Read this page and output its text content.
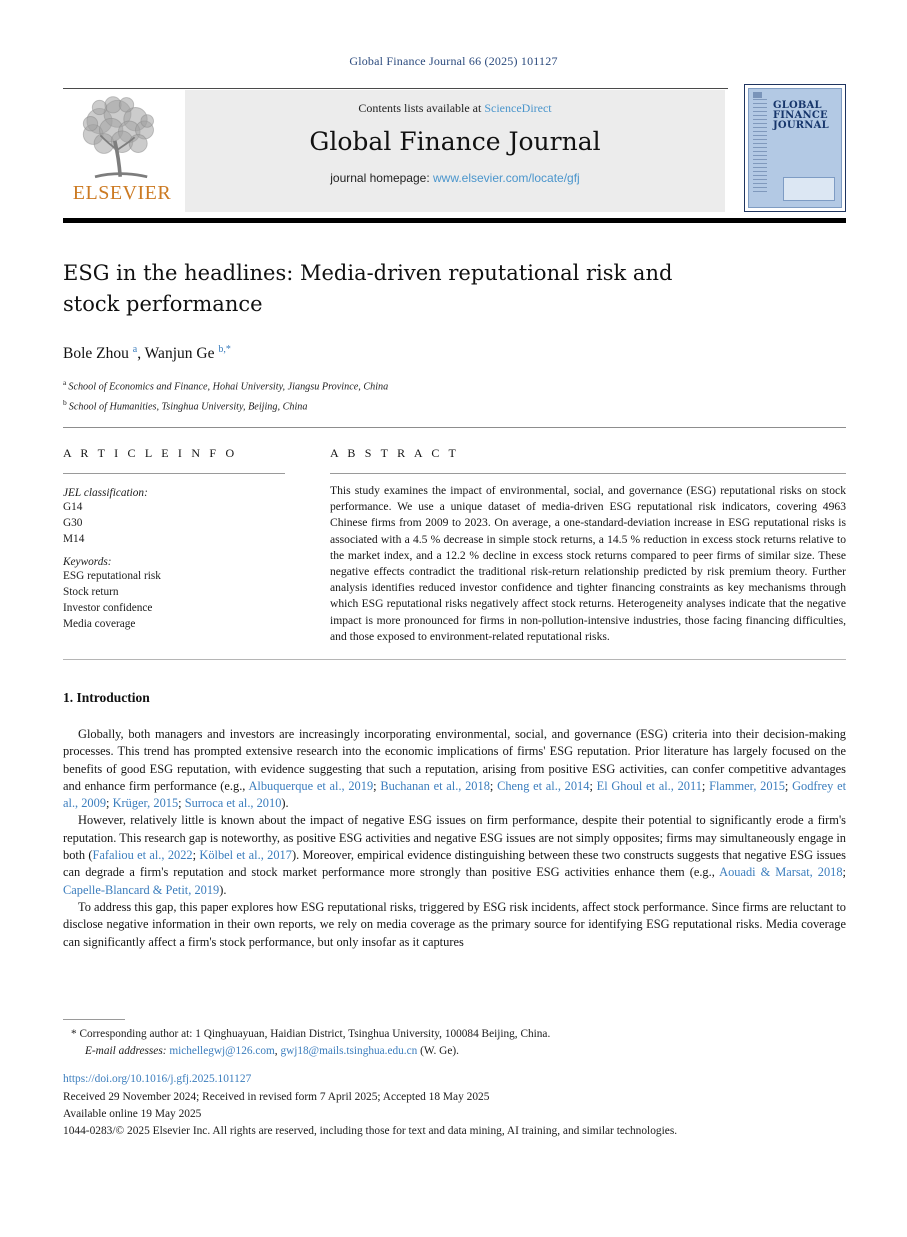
Global Finance Journal 66 (2025) 101127
ELSEVIER
Contents lists available at ScienceDirect
Global Finance Journal
journal homepage: www.elsevier.com/locate/gfj
GLOBAL FINANCE JOURNAL
ESG in the headlines: Media-driven reputational risk and stock performance
Bole Zhou $^a$, Wanjun Ge $^{b,*}$
$^a$ School of Economics and Finance, Hohai University, Jiangsu Province, China
$^b$ School of Humanities, Tsinghua University, Beijing, China
A R T I C L E I N F O
JEL classification:
G14
G30
M14
Keywords:
ESG reputational risk
Stock return
Investor confidence
Media coverage
A B S T R A C T
This study examines the impact of environmental, social, and governance (ESG) reputational risks on stock performance. We use a unique dataset of media-driven ESG reputational risk indicators, covering 4963 Chinese firms from 2009 to 2023. On average, a one-standard-deviation increase in ESG reputational risks is associated with a 4.5 % decrease in simple stock returns, a 14.5 % reduction in excess stock returns relative to the market index, and a 12.2 % decline in excess stock returns compared to peer firms of similar size. These negative effects contradict the traditional risk-return relationship predicted by risk premium theory. Further analysis identifies reduced investor confidence and tighter financing constraints as key mechanisms through which ESG reputational risks negatively affect stock returns. Heterogeneity analyses indicate that the negative impact is more pronounced for firms in non-pollution-intensive industries, those facing financing difficulties, and those exposed to environment-related reputational risks.
1. Introduction

Globally, both managers and investors are increasingly incorporating environmental, social, and governance (ESG) criteria into their decision-making processes. This trend has prompted extensive research into the economic implications of firms' ESG reputation. Prior literature has largely focused on the benefits of good ESG reputation, with evidence suggesting that such a reputation, arising from positive ESG activities, can confer competitive advantages and enhance firm performance (e.g., Albuquerque et al., 2019; Buchanan et al., 2018; Cheng et al., 2014; El Ghoul et al., 2011; Flammer, 2015; Godfrey et al., 2009; Krüger, 2015; Surroca et al., 2010).

However, relatively little is known about the impact of negative ESG issues on firm performance, despite their potential to significantly erode a firm's reputation. This research gap is noteworthy, as positive ESG activities and negative ESG issues are not simply opposites; firms may simultaneously engage in both (Fafaliou et al., 2022; Kölbel et al., 2017). Moreover, empirical evidence distinguishing between these two constructs suggests that negative ESG issues can degrade a firm's reputation and stock market performance more strongly than positive ESG activities enhance them (e.g., Aouadi & Marsat, 2018; Capelle-Blancard & Petit, 2019).

To address this gap, this paper explores how ESG reputational risks, triggered by ESG risk incidents, affect stock performance. Since firms are reluctant to disclose negative information in their own reports, we rely on media coverage as the primary source for identifying ESG reputational risks. Media coverage can significantly affect a firm's stock performance, but only insofar as it captures

* Corresponding author at: 1 Qinghuayuan, Haidian District, Tsinghua University, 100084 Beijing, China.
E-mail addresses: michellegwj@126.com, gwj18@mails.tsinghua.edu.cn (W. Ge).
https://doi.org/10.1016/j.gfj.2025.101127
Received 29 November 2024; Received in revised form 7 April 2025; Accepted 18 May 2025
Available online 19 May 2025
1044-0283/© 2025 Elsevier Inc. All rights are reserved, including those for text and data mining, AI training, and similar technologies.
